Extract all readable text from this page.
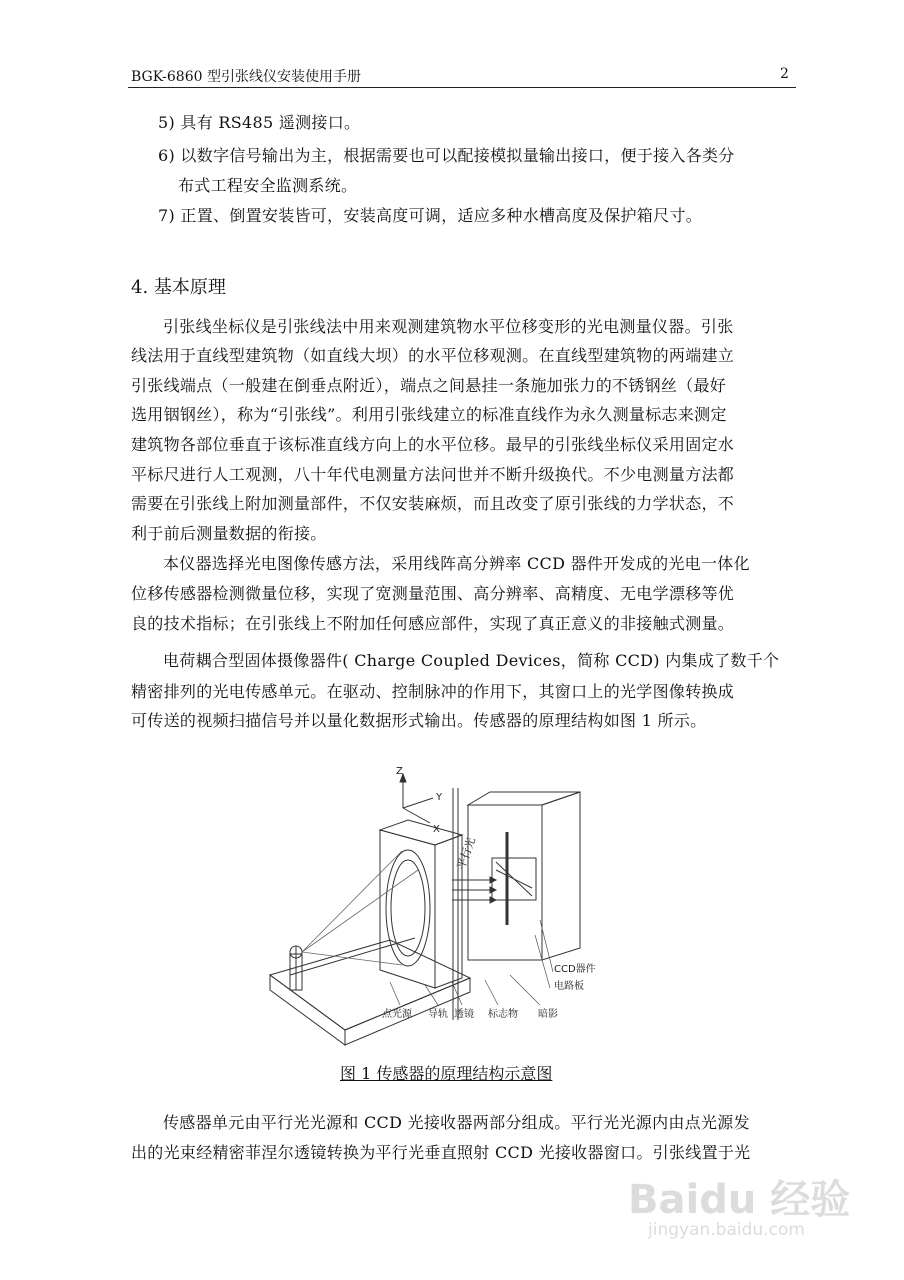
BGK-6860 型引张线仪安装使用手册	2
5) 具有 RS485 遥测接口。
6) 以数字信号输出为主，根据需要也可以配接模拟量输出接口，便于接入各类分
布式工程安全监测系统。
7) 正置、倒置安装皆可，安装高度可调，适应多种水槽高度及保护箱尺寸。
4. 基本原理
引张线坐标仪是引张线法中用来观测建筑物水平位移变形的光电测量仪器。引张
线法用于直线型建筑物（如直线大坝）的水平位移观测。在直线型建筑物的两端建立
引张线端点（一般建在倒垂点附近），端点之间悬挂一条施加张力的不锈钢丝（最好
选用铟钢丝），称为“引张线”。利用引张线建立的标准直线作为永久测量标志来测定
建筑物各部位垂直于该标准直线方向上的水平位移。最早的引张线坐标仪采用固定水
平标尺进行人工观测，八十年代电测量方法问世并不断升级换代。不少电测量方法都
需要在引张线上附加测量部件，不仅安装麻烦，而且改变了原引张线的力学状态，不
利于前后测量数据的衔接。
本仪器选择光电图像传感方法，采用线阵高分辨率 CCD 器件开发成的光电一体化
位移传感器检测微量位移，实现了宽测量范围、高分辨率、高精度、无电学漂移等优
良的技术指标；在引张线上不附加任何感应部件，实现了真正意义的非接触式测量。
电荷耦合型固体摄像器件( Charge Coupled Devices，简称 CCD) 内集成了数千个
精密排列的光电传感单元。在驱动、控制脉冲的作用下，其窗口上的光学图像转换成
可传送的视频扫描信号并以量化数据形式输出。传感器的原理结构如图 1 所示。
Z
Y
X
平行光
CCD器件
电路板
点光源 导轨 透镜 标志物 暗影
图 1 传感器的原理结构示意图
传感器单元由平行光光源和 CCD 光接收器两部分组成。平行光光源内由点光源发
出的光束经精密菲涅尔透镜转换为平行光垂直照射 CCD 光接收器窗口。引张线置于光
Baidu 经验
jingyan.baidu.com
